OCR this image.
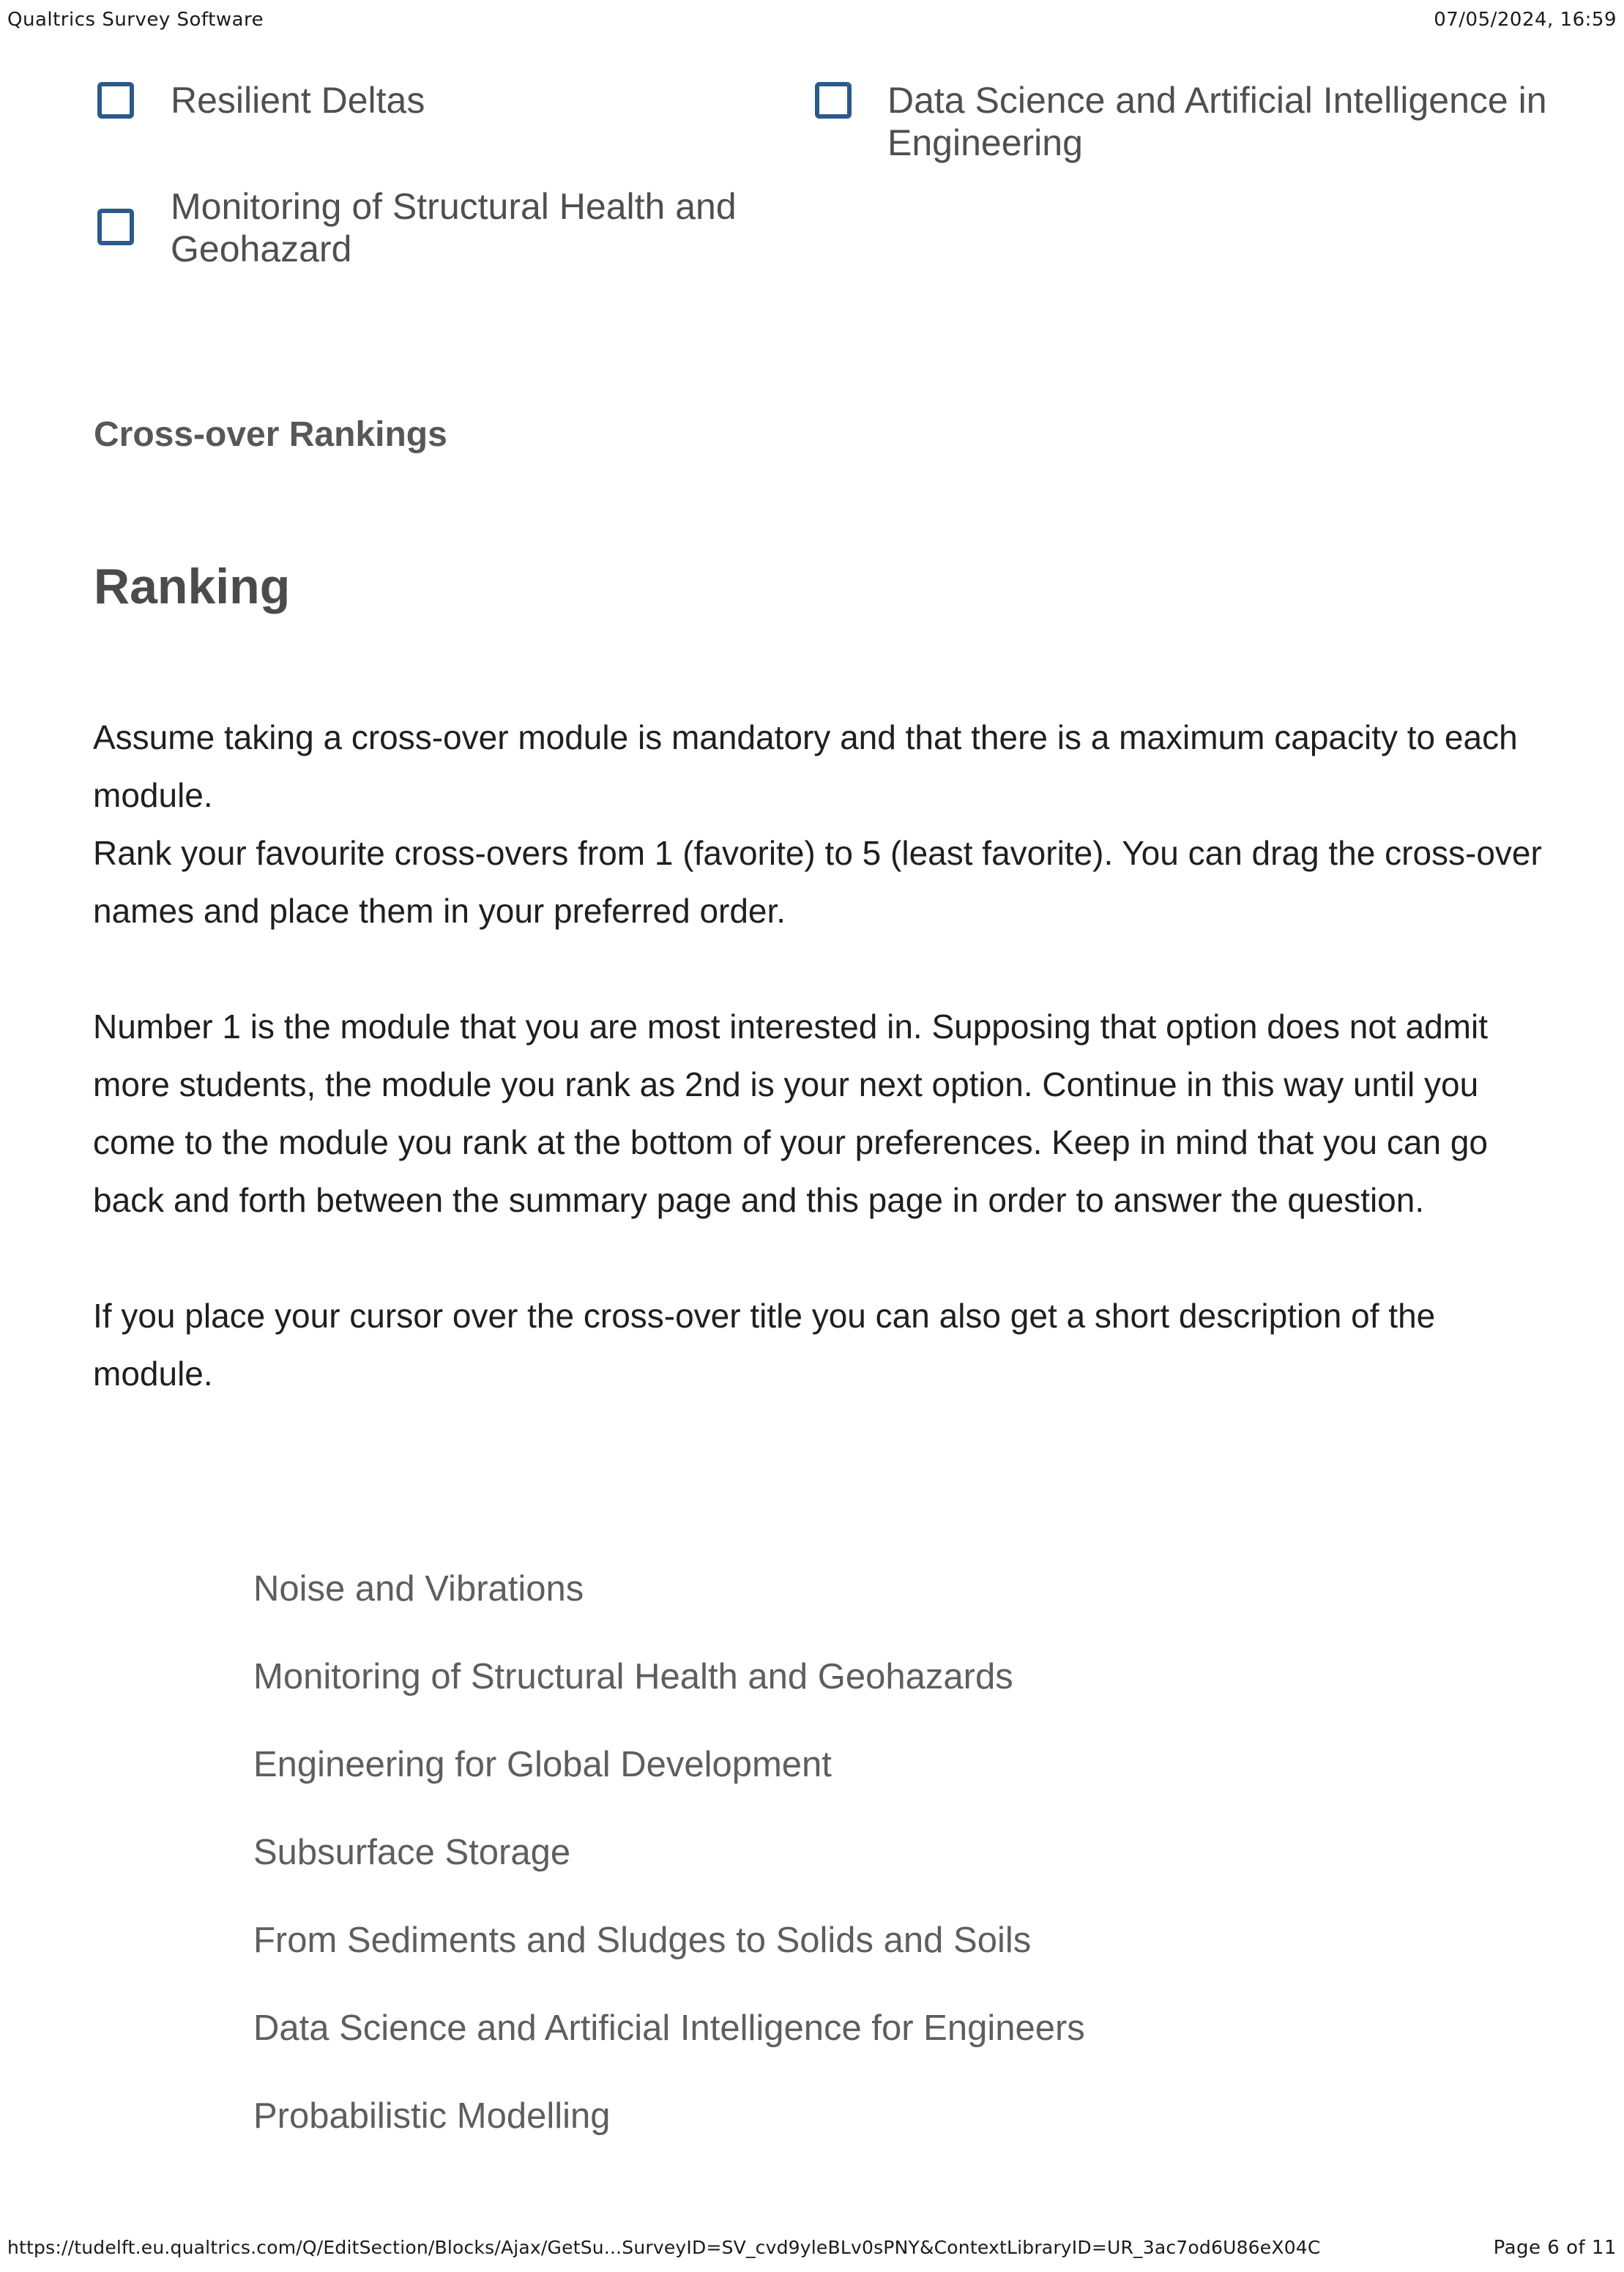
Qualtrics Survey Software	07/05/2024, 16:59
Resilient Deltas	Data Science and Artificial Intelligence in Engineering
Monitoring of Structural Health and Geohazard
Cross-over Rankings
Ranking

Assume taking a cross-over module is mandatory and that there is a maximum capacity to each module.

Rank your favourite cross-overs from 1 (favorite) to 5 (least favorite). You can drag the cross-over names and place them in your preferred order.

Number 1 is the module that you are most interested in. Supposing that option does not admit more students, the module you rank as 2nd is your next option. Continue in this way until you come to the module you rank at the bottom of your preferences. Keep in mind that you can go back and forth between the summary page and this page in order to answer the question.

If you place your cursor over the cross-over title you can also get a short description of the module.

Noise and Vibrations
Monitoring of Structural Health and Geohazards
Engineering for Global Development
Subsurface Storage
From Sediments and Sludges to Solids and Soils
Data Science and Artificial Intelligence for Engineers
Probabilistic Modelling
https://tudelft.eu.qualtrics.com/Q/EditSection/Blocks/Ajax/GetSu...SurveyID=SV_cvd9yleBLv0sPNY&ContextLibraryID=UR_3ac7od6U86eX04C	Page 6 of 11
